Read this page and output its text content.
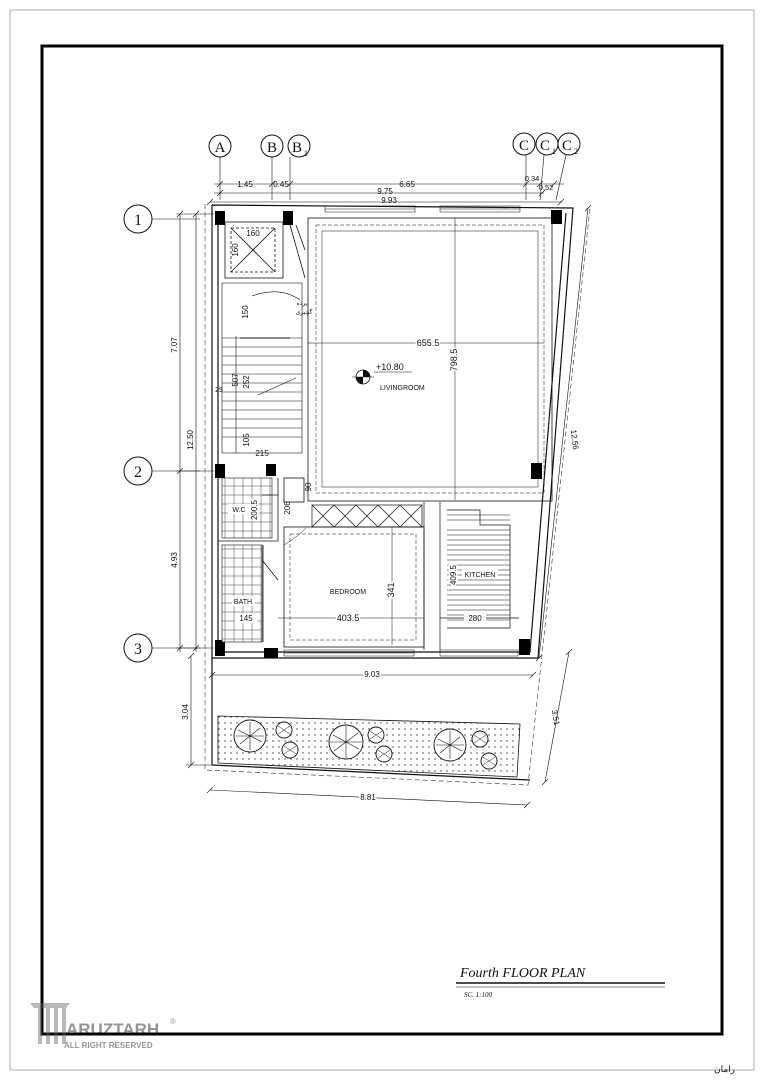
A	B B 1	C C 1 C 2
1
2
3
1.45	0.45	6.65
0.34
0.52
9.75
9.93
7.07
12.50
4.93
3.04
12.56
3.51
160
160
150
507 252
105
215
29
پرده
گچبری
655.5
798.5
+10.80
LIVINGROOM
W.C 200.5	206
90
BATH
145
BEDROOM
403.5
341
KITCHEN
409.5
280
9.03
8.81
Fourth FLOOR PLAN
SC. 1:100
ARUZTARH ®
ALL RIGHT RESERVED
رامان
